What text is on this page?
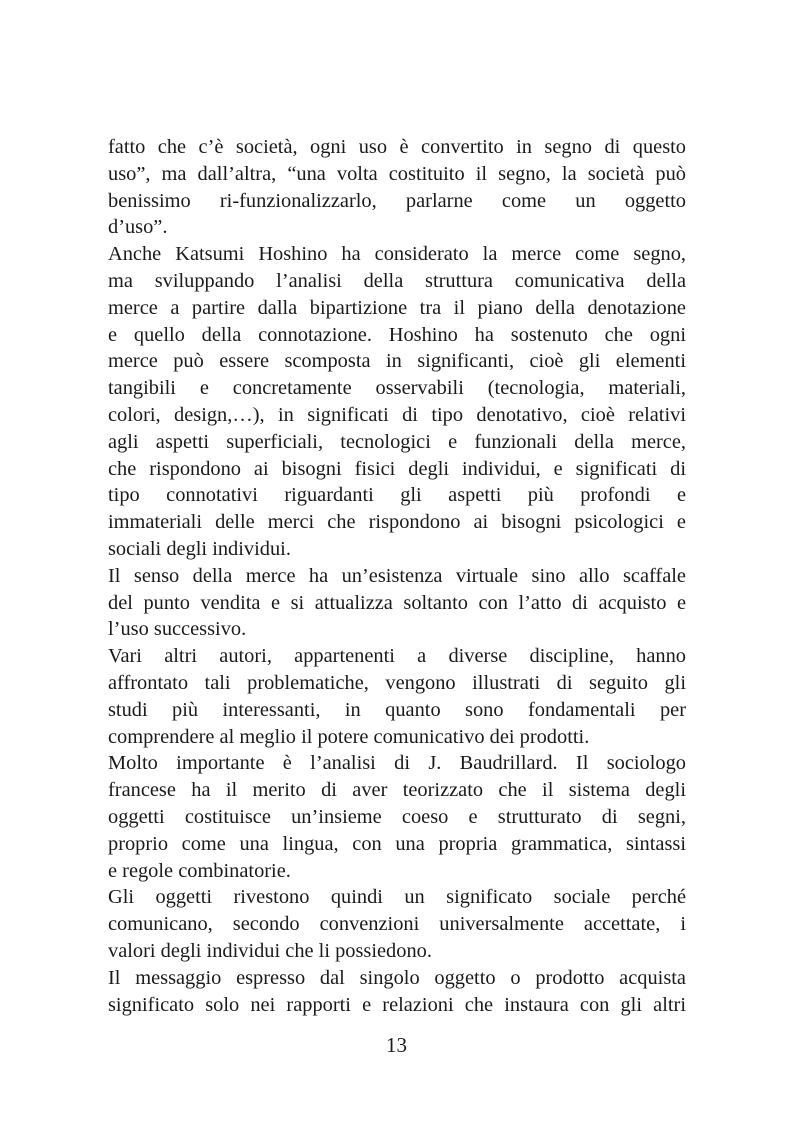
fatto che c’è società, ogni uso è convertito in segno di questo
uso”, ma dall’altra, “una volta costituito il segno, la società può
benissimo ri-funzionalizzarlo, parlarne come un oggetto
d’uso”.
Anche Katsumi Hoshino ha considerato la merce come segno,
ma sviluppando l’analisi della struttura comunicativa della
merce a partire dalla bipartizione tra il piano della denotazione
e quello della connotazione. Hoshino ha sostenuto che ogni
merce può essere scomposta in significanti, cioè gli elementi
tangibili e concretamente osservabili (tecnologia, materiali,
colori, design,…), in significati di tipo denotativo, cioè relativi
agli aspetti superficiali, tecnologici e funzionali della merce,
che rispondono ai bisogni fisici degli individui, e significati di
tipo connotativi riguardanti gli aspetti più profondi e
immateriali delle merci che rispondono ai bisogni psicologici e
sociali degli individui.
Il senso della merce ha un’esistenza virtuale sino allo scaffale
del punto vendita e si attualizza soltanto con l’atto di acquisto e
l’uso successivo.
Vari altri autori, appartenenti a diverse discipline, hanno
affrontato tali problematiche, vengono illustrati di seguito gli
studi più interessanti, in quanto sono fondamentali per
comprendere al meglio il potere comunicativo dei prodotti.
Molto importante è l’analisi di J. Baudrillard. Il sociologo
francese ha il merito di aver teorizzato che il sistema degli
oggetti costituisce un’insieme coeso e strutturato di segni,
proprio come una lingua, con una propria grammatica, sintassi
e regole combinatorie.
Gli oggetti rivestono quindi un significato sociale perché
comunicano, secondo convenzioni universalmente accettate, i
valori degli individui che li possiedono.
Il messaggio espresso dal singolo oggetto o prodotto acquista
significato solo nei rapporti e relazioni che instaura con gli altri
13
